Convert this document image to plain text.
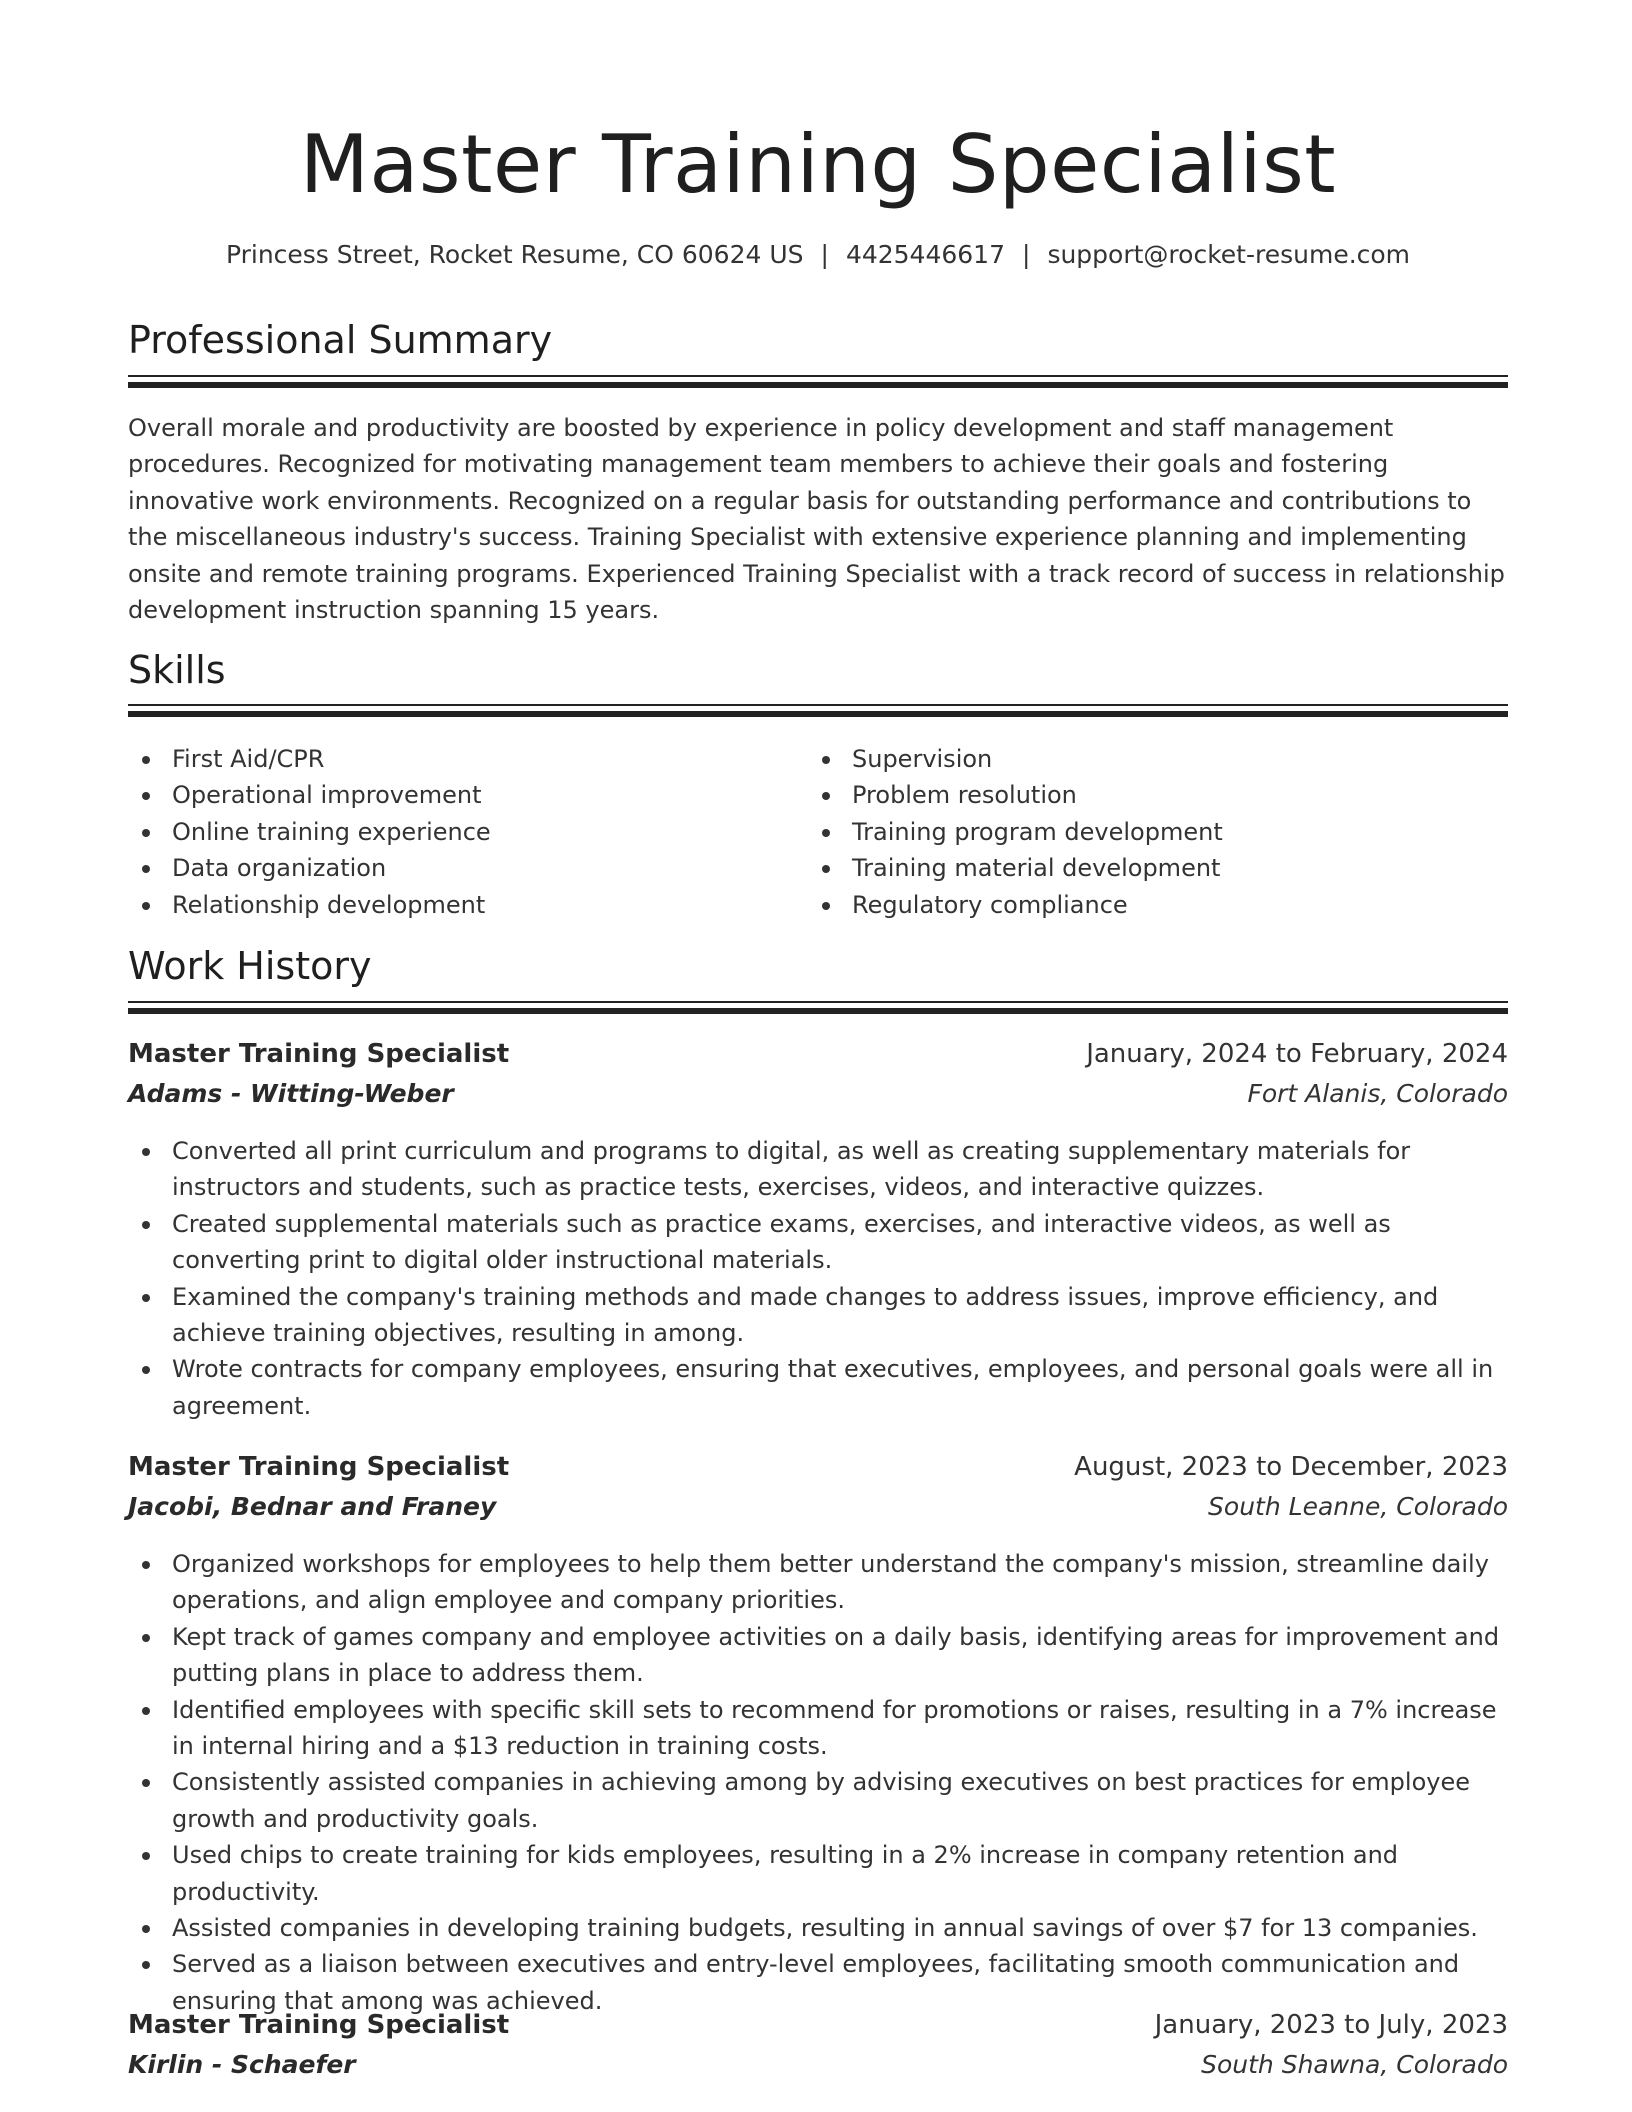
Master Training Specialist
Princess Street, Rocket Resume, CO 60624 US | 4425446617 | support@rocket-resume.com
Professional Summary

Overall morale and productivity are boosted by experience in policy development and staff management procedures. Recognized for motivating management team members to achieve their goals and fostering innovative work environments. Recognized on a regular basis for outstanding performance and contributions to the miscellaneous industry's success. Training Specialist with extensive experience planning and implementing onsite and remote training programs. Experienced Training Specialist with a track record of success in relationship development instruction spanning 15 years.

Skills
First Aid/CPR
Operational improvement
Online training experience
Data organization
Relationship development
Supervision
Problem resolution
Training program development
Training material development
Regulatory compliance
Work History
Master Training Specialist	January, 2024 to February, 2024
Adams - Witting-Weber	Fort Alanis, Colorado
Converted all print curriculum and programs to digital, as well as creating supplementary materials for instructors and students, such as practice tests, exercises, videos, and interactive quizzes.
Created supplemental materials such as practice exams, exercises, and interactive videos, as well as converting print to digital older instructional materials.
Examined the company's training methods and made changes to address issues, improve efficiency, and achieve training objectives, resulting in among.
Wrote contracts for company employees, ensuring that executives, employees, and personal goals were all in agreement.
Master Training Specialist	August, 2023 to December, 2023
Jacobi, Bednar and Franey	South Leanne, Colorado
Organized workshops for employees to help them better understand the company's mission, streamline daily operations, and align employee and company priorities.
Kept track of games company and employee activities on a daily basis, identifying areas for improvement and putting plans in place to address them.
Identified employees with specific skill sets to recommend for promotions or raises, resulting in a 7% increase in internal hiring and a $13 reduction in training costs.
Consistently assisted companies in achieving among by advising executives on best practices for employee growth and productivity goals.
Used chips to create training for kids employees, resulting in a 2% increase in company retention and productivity.
Assisted companies in developing training budgets, resulting in annual savings of over $7 for 13 companies.
Served as a liaison between executives and entry-level employees, facilitating smooth communication and ensuring that among was achieved.
Master Training Specialist	January, 2023 to July, 2023
Kirlin - Schaefer	South Shawna, Colorado
